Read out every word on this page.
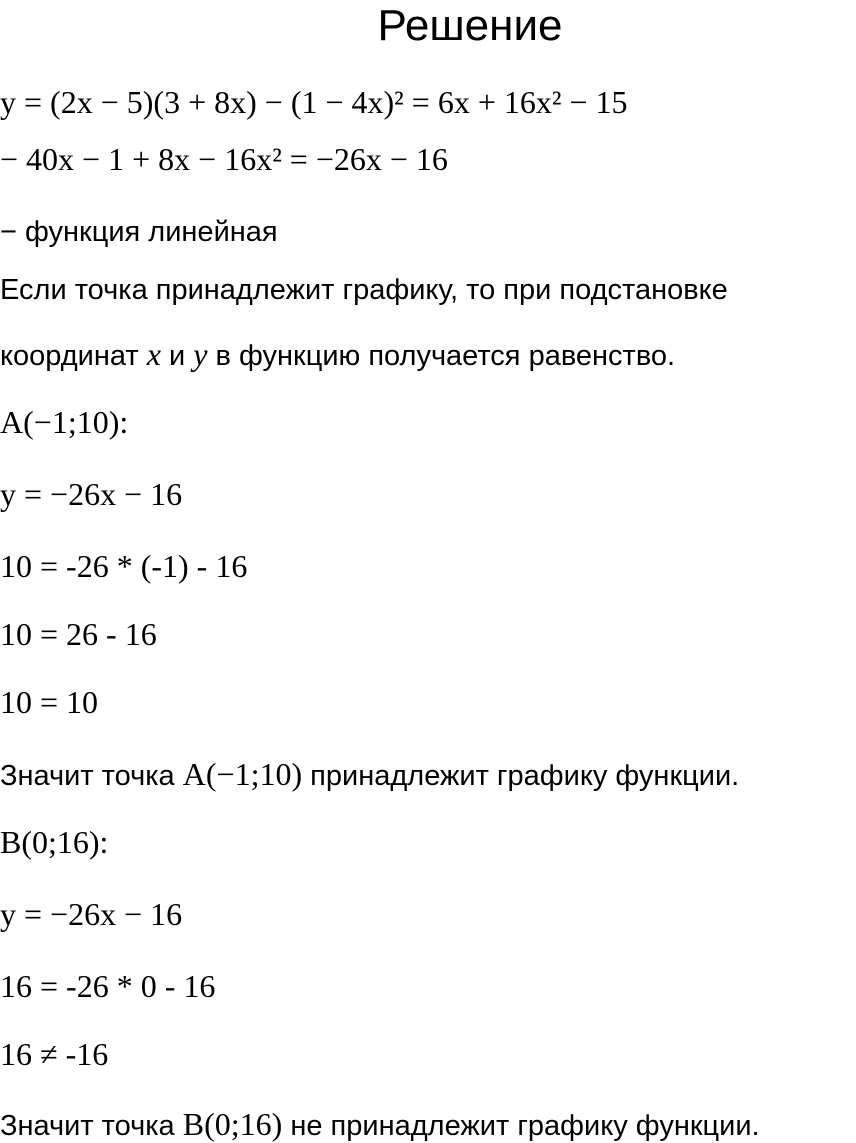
Решение
y = (2x − 5)(3 + 8x) − (1 − 4x)² = 6x + 16x² − 15
− 40x − 1 + 8x − 16x² = −26x − 16
− функция линейная
Если точка принадлежит графику, то при подстановке
координат x и y в функцию получается равенство.
A(−1;10):
y = −26x − 16
10 = -26 * (-1) - 16
10 = 26 - 16
10 = 10
Значит точка A(−1;10) принадлежит графику функции.
B(0;16):
y = −26x − 16
16 = -26 * 0 - 16
16 ≠ -16
Значит точка B(0;16) не принадлежит графику функции.
